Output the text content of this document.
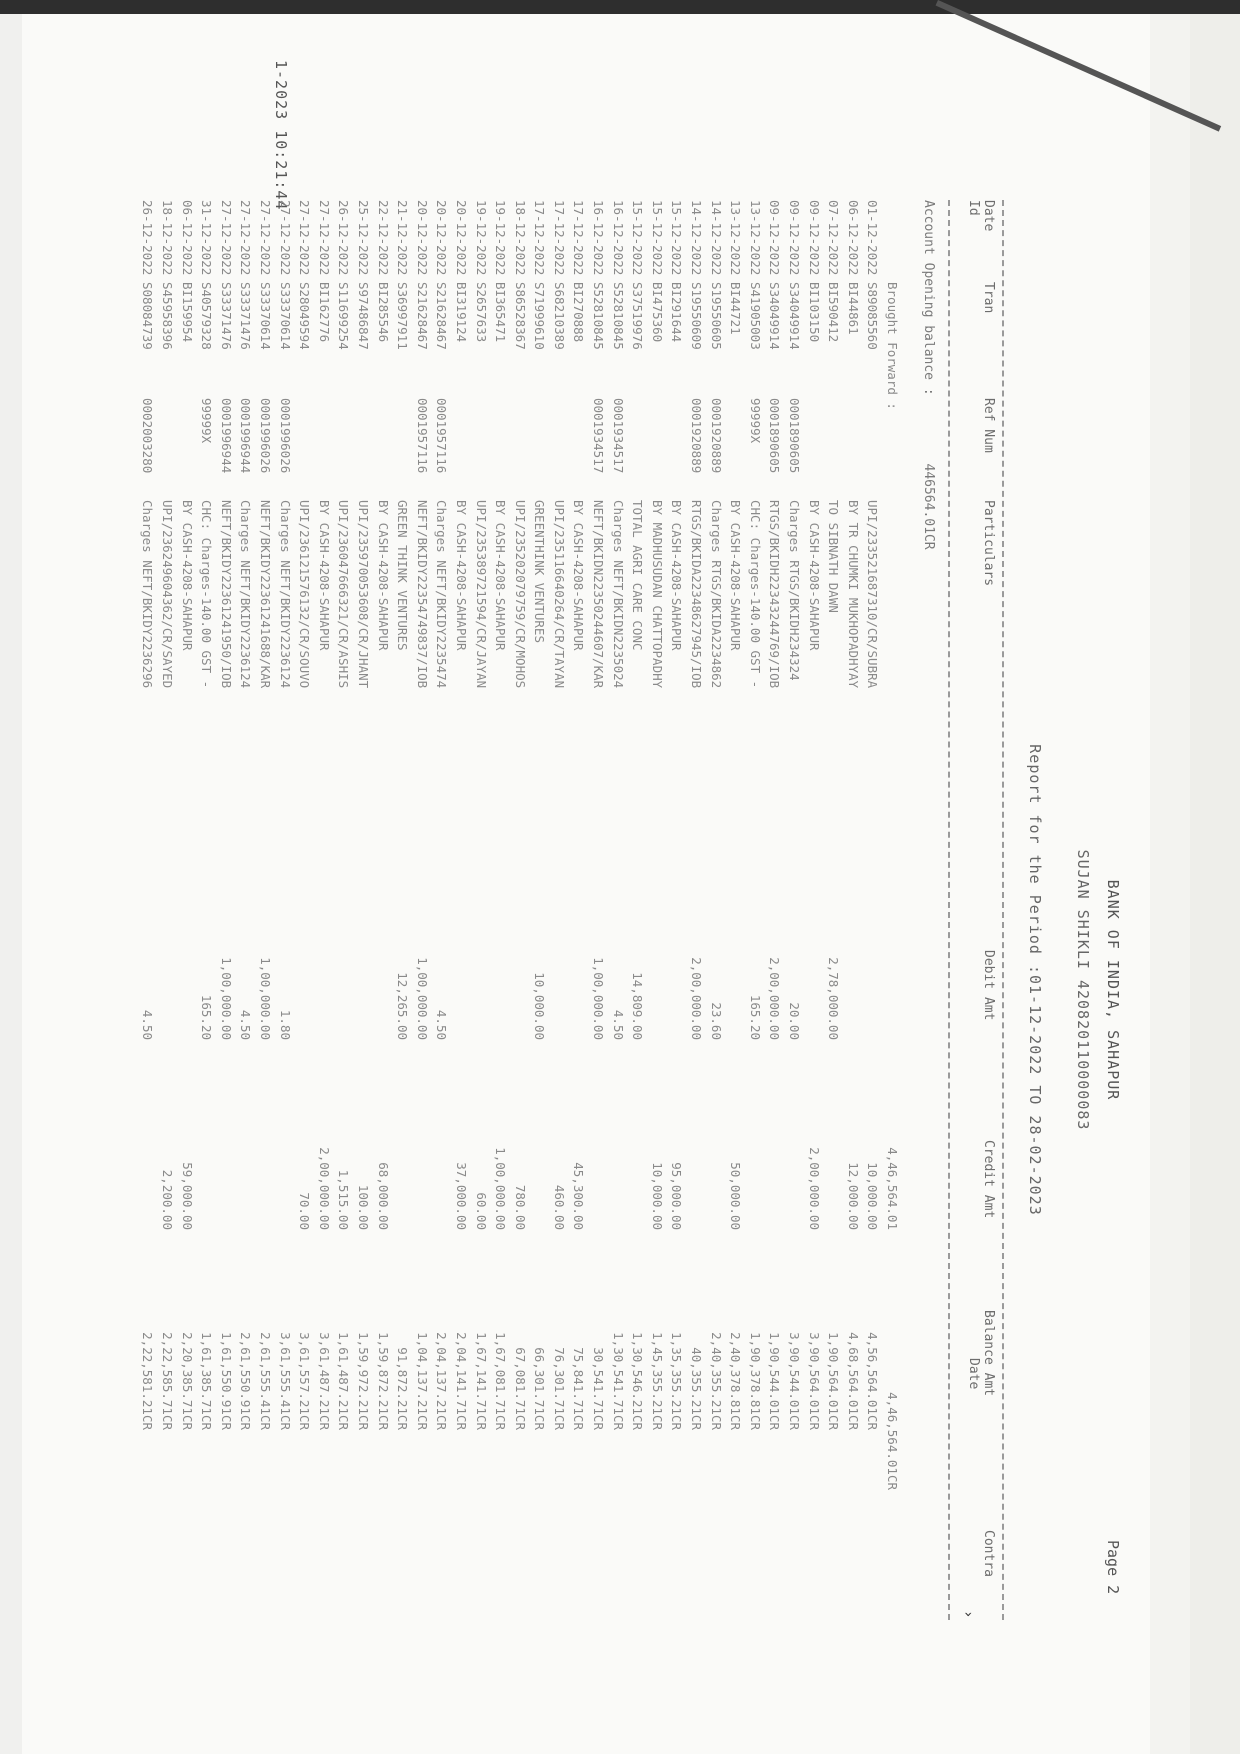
1-2023 10:21:44
BANK OF INDIA, SAHAPUR
SUJAN SHIKLI 420820110000083
Report for the Period :01-12-2022 TO 28-02-2023
Page 2
Date
Id
Tran
Ref Num
Particulars
Debit Amt
Credit Amt
Balance Amt
Date
Contra
›
Account Opening balance : 446564.01CR
Brought Forward :
4,46,564.01
4,46,564.01CR
01-12-2022
S89085560
UPI/233521687310/CR/SUBRA
10,000.00
4,56,564.01CR
06-12-2022
BI44861
BY TR CHUMKI MUKHOPADHYAY
12,000.00
4,68,564.01CR
07-12-2022
BI590412
TO SIBNATH DAWN
2,78,000.00
1,90,564.01CR
09-12-2022
BI103150
BY CASH-4208-SAHAPUR
2,00,000.00
3,90,564.01CR
09-12-2022
S34049914
0001890605
Charges RTGS/BKIDH234324
20.00
3,90,544.01CR
09-12-2022
S34049914
0001890605
RTGS/BKIDH22343244769/IOB
2,00,000.00
1,90,544.01CR
13-12-2022
S41905003
99999X
CHC: Charges-140.00 GST -
165.20
1,90,378.81CR
13-12-2022
BI44721
BY CASH-4208-SAHAPUR
50,000.00
2,40,378.81CR
14-12-2022
S19550605
0001920889
Charges RTGS/BKIDA2234862
23.60
2,40,355.21CR
14-12-2022
S19550609
0001920889
RTGS/BKIDA22348627945/IOB
2,00,000.00
40,355.21CR
15-12-2022
BI291644
BY CASH-4208-SAHAPUR
95,000.00
1,35,355.21CR
15-12-2022
BI475360
BY MADHUSUDAN CHATTOPADHY
10,000.00
1,45,355.21CR
15-12-2022
S37519976
TOTAL AGRI CARE CONC
14,809.00
1,30,546.21CR
16-12-2022
S52810845
0001934517
Charges NEFT/BKIDN2235024
4.50
1,30,541.71CR
16-12-2022
S52810845
0001934517
NEFT/BKIDN22350244607/KAR
1,00,000.00
30,541.71CR
17-12-2022
BI270888
BY CASH-4208-SAHAPUR
45,300.00
75,841.71CR
17-12-2022
S68210389
UPI/235116640264/CR/TAYAN
460.00
76,301.71CR
17-12-2022
S71999610
GREENTHINK VENTURES
10,000.00
66,301.71CR
18-12-2022
S86528367
UPI/235202079759/CR/MOHOS
780.00
67,081.71CR
19-12-2022
BI365471
BY CASH-4208-SAHAPUR
1,00,000.00
1,67,081.71CR
19-12-2022
S2657633
UPI/235389721594/CR/JAYAN
60.00
1,67,141.71CR
20-12-2022
BI319124
BY CASH-4208-SAHAPUR
37,000.00
2,04,141.71CR
20-12-2022
S21628467
0001957116
Charges NEFT/BKIDY2235474
4.50
2,04,137.21CR
20-12-2022
S21628467
0001957116
NEFT/BKIDY22354749837/IOB
1,00,000.00
1,04,137.21CR
21-12-2022
S36997911
GREEN THINK VENTURES
12,265.00
91,872.21CR
22-12-2022
BI285546
BY CASH-4208-SAHAPUR
68,000.00
1,59,872.21CR
25-12-2022
S97486847
UPI/235970053608/CR/JHANT
100.00
1,59,972.21CR
26-12-2022
S11699254
UPI/236047666321/CR/ASHIS
1,515.00
1,61,487.21CR
27-12-2022
BI162776
BY CASH-4208-SAHAPUR
2,00,000.00
3,61,487.21CR
27-12-2022
S28049594
UPI/236121576132/CR/SOUVO
70.00
3,61,557.21CR
27-12-2022
S33370614
0001996026
Charges NEFT/BKIDY2236124
1.80
3,61,555.41CR
27-12-2022
S33370614
0001996026
NEFT/BKIDY22361241688/KAR
1,00,000.00
2,61,555.41CR
27-12-2022
S33371476
0001996944
Charges NEFT/BKIDY2236124
4.50
2,61,550.91CR
27-12-2022
S33371476
0001996944
NEFT/BKIDY22361241950/IOB
1,00,000.00
1,61,550.91CR
31-12-2022
S40579328
99999X
CHC: Charges-140.00 GST -
165.20
1,61,385.71CR
06-12-2022
BI159954
BY CASH-4208-SAHAPUR
59,000.00
2,20,385.71CR
18-12-2022
S45958396
UPI/236249604362/CR/SAYED
2,200.00
2,22,585.71CR
26-12-2022
S08084739
0002003280
Charges NEFT/BKIDY2236296
4.50
2,22,581.21CR
